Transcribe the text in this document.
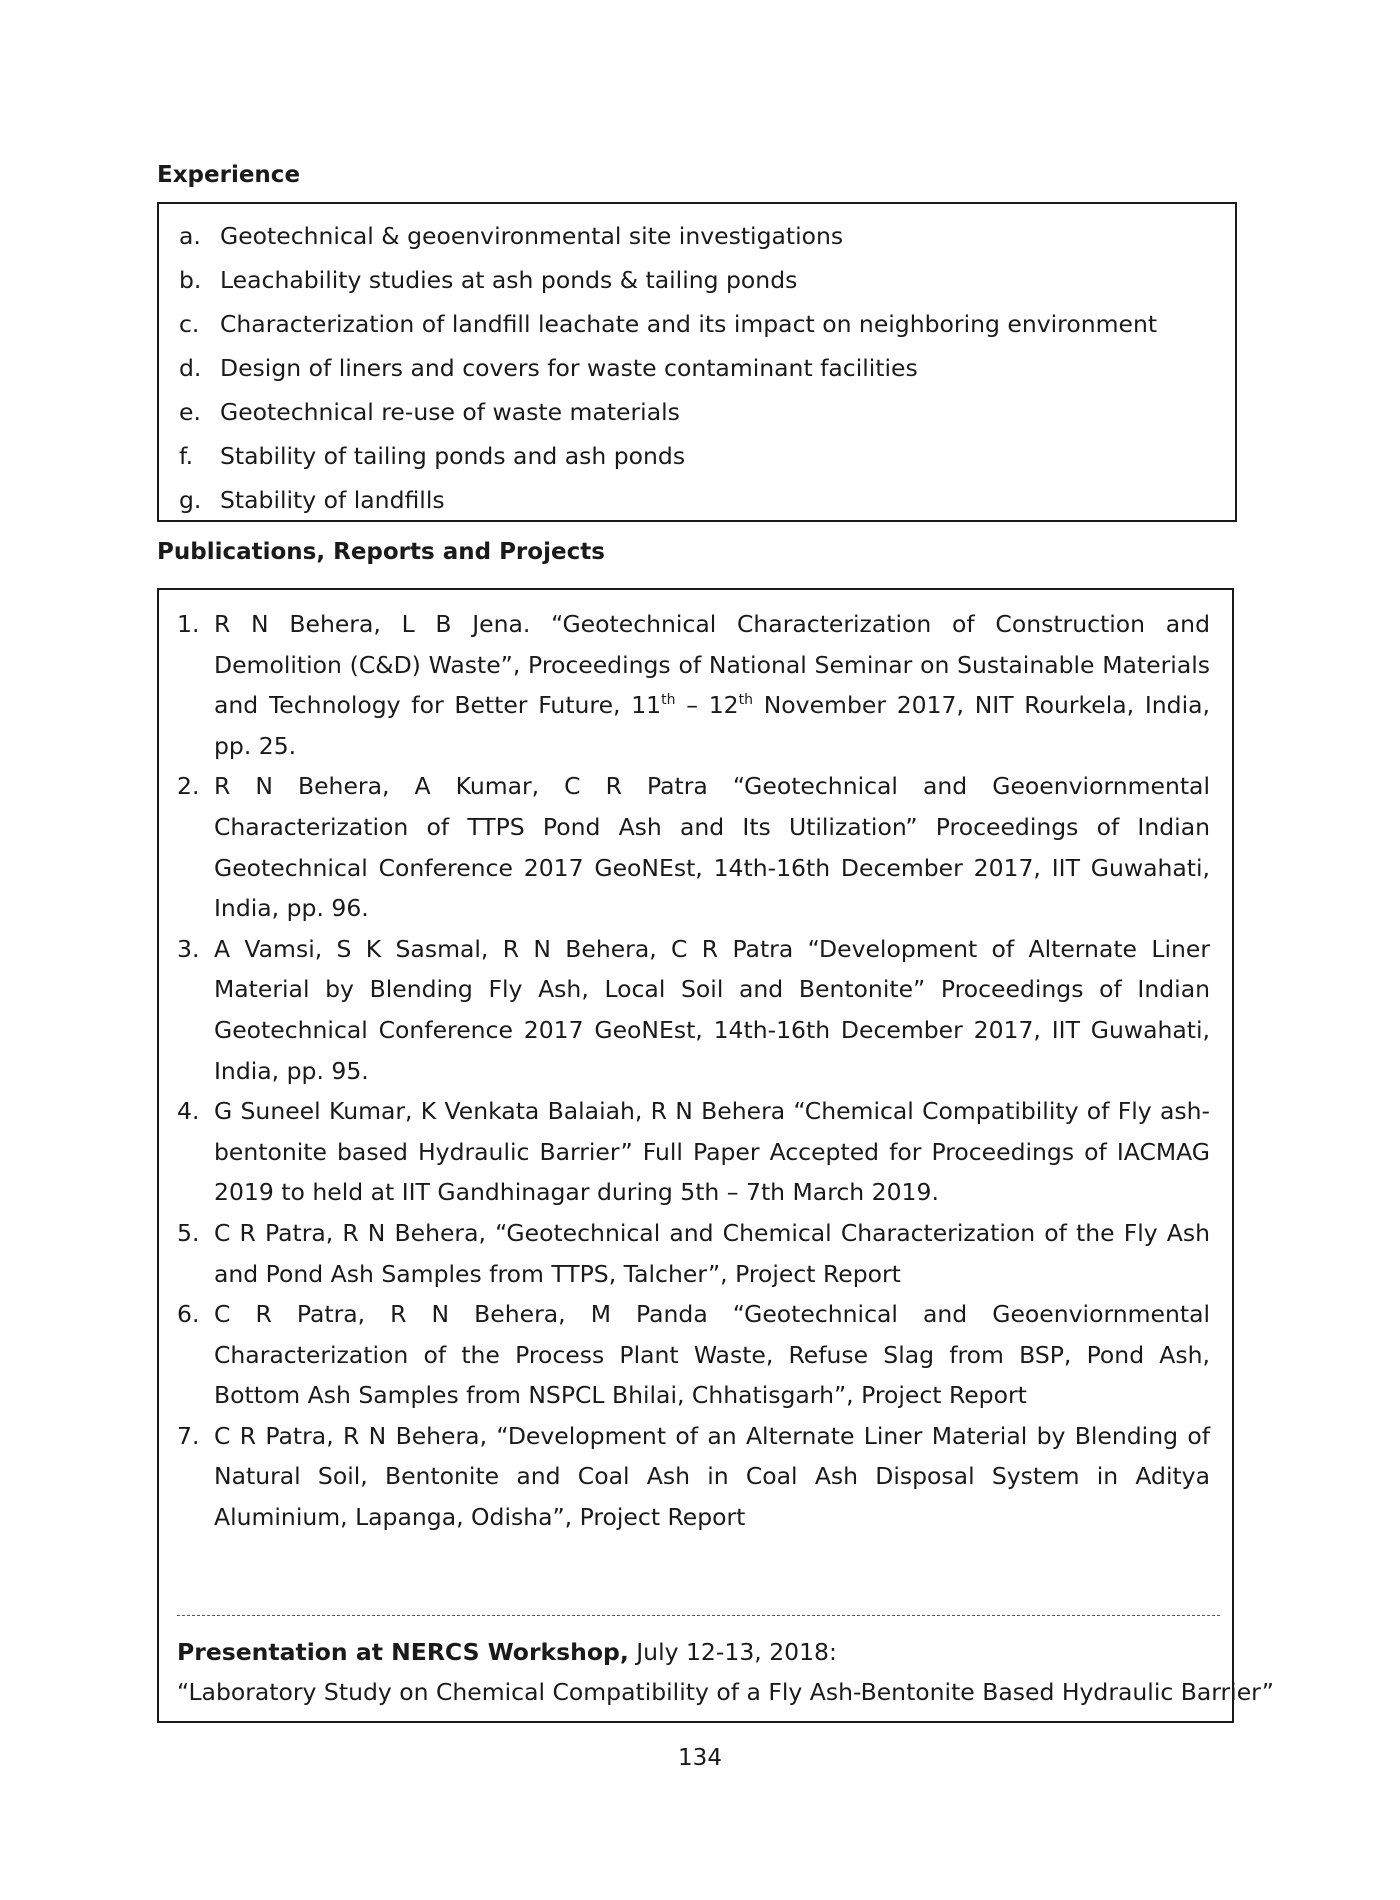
Experience
a. Geotechnical & geoenvironmental site investigations
b. Leachability studies at ash ponds & tailing ponds
c. Characterization of landfill leachate and its impact on neighboring environment
d. Design of liners and covers for waste contaminant facilities
e. Geotechnical re-use of waste materials
f.	Stability of tailing ponds and ash ponds
g. Stability of landfills
Publications, Reports and Projects
1. R N Behera, L B Jena. “Geotechnical Characterization of Construction and Demolition (C&D) Waste”, Proceedings of National Seminar on Sustainable Materials and Technology for Better Future, 11th – 12th November 2017, NIT Rourkela, India, pp. 25.
2. R N Behera, A Kumar, C R Patra “Geotechnical and Geoenviornmental Characterization of TTPS Pond Ash and Its Utilization” Proceedings of Indian Geotechnical Conference 2017 GeoNEst, 14th-16th December 2017, IIT Guwahati, India, pp. 96.
3. A Vamsi, S K Sasmal, R N Behera, C R Patra “Development of Alternate Liner Material by Blending Fly Ash, Local Soil and Bentonite” Proceedings of Indian Geotechnical Conference 2017 GeoNEst, 14th-16th December 2017, IIT Guwahati, India, pp. 95.
4. G Suneel Kumar, K Venkata Balaiah, R N Behera “Chemical Compatibility of Fly ash-bentonite based Hydraulic Barrier” Full Paper Accepted for Proceedings of IACMAG 2019 to held at IIT Gandhinagar during 5th – 7th March 2019.
5. C R Patra, R N Behera, “Geotechnical and Chemical Characterization of the Fly Ash and Pond Ash Samples from TTPS, Talcher”, Project Report
6. C R Patra, R N Behera, M Panda “Geotechnical and Geoenviornmental Characterization of the Process Plant Waste, Refuse Slag from BSP, Pond Ash, Bottom Ash Samples from NSPCL Bhilai, Chhatisgarh”, Project Report
7. C R Patra, R N Behera, “Development of an Alternate Liner Material by Blending of Natural Soil, Bentonite and Coal Ash in Coal Ash Disposal System in Aditya Aluminium, Lapanga, Odisha”, Project Report
Presentation at NERCS Workshop, July 12-13, 2018:
“Laboratory Study on Chemical Compatibility of a Fly Ash-Bentonite Based Hydraulic Barrier”
134
